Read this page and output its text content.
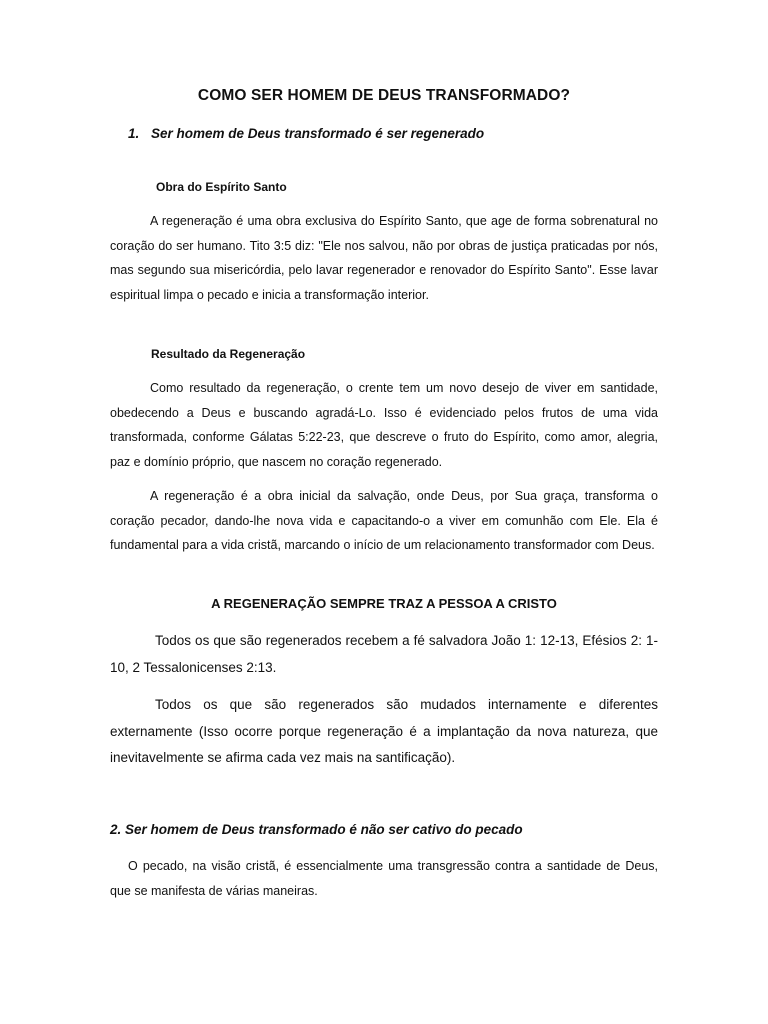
COMO SER HOMEM DE DEUS TRANSFORMADO?
1. Ser homem de Deus transformado é ser regenerado
Obra do Espírito Santo

A regeneração é uma obra exclusiva do Espírito Santo, que age de forma sobrenatural no coração do ser humano. Tito 3:5 diz: "Ele nos salvou, não por obras de justiça praticadas por nós, mas segundo sua misericórdia, pelo lavar regenerador e renovador do Espírito Santo". Esse lavar espiritual limpa o pecado e inicia a transformação interior.

Resultado da Regeneração

Como resultado da regeneração, o crente tem um novo desejo de viver em santidade, obedecendo a Deus e buscando agradá-Lo. Isso é evidenciado pelos frutos de uma vida transformada, conforme Gálatas 5:22-23, que descreve o fruto do Espírito, como amor, alegria, paz e domínio próprio, que nascem no coração regenerado.

A regeneração é a obra inicial da salvação, onde Deus, por Sua graça, transforma o coração pecador, dando-lhe nova vida e capacitando-o a viver em comunhão com Ele. Ela é fundamental para a vida cristã, marcando o início de um relacionamento transformador com Deus.

A REGENERAÇÃO SEMPRE TRAZ A PESSOA A CRISTO

Todos os que são regenerados recebem a fé salvadora João 1: 12-13, Efésios 2: 1-10, 2 Tessalonicenses 2:13.

Todos os que são regenerados são mudados internamente e diferentes externamente (Isso ocorre porque regeneração é a implantação da nova natureza, que inevitavelmente se afirma cada vez mais na santificação).

2. Ser homem de Deus transformado é não ser cativo do pecado

O pecado, na visão cristã, é essencialmente uma transgressão contra a santidade de Deus, que se manifesta de várias maneiras.
